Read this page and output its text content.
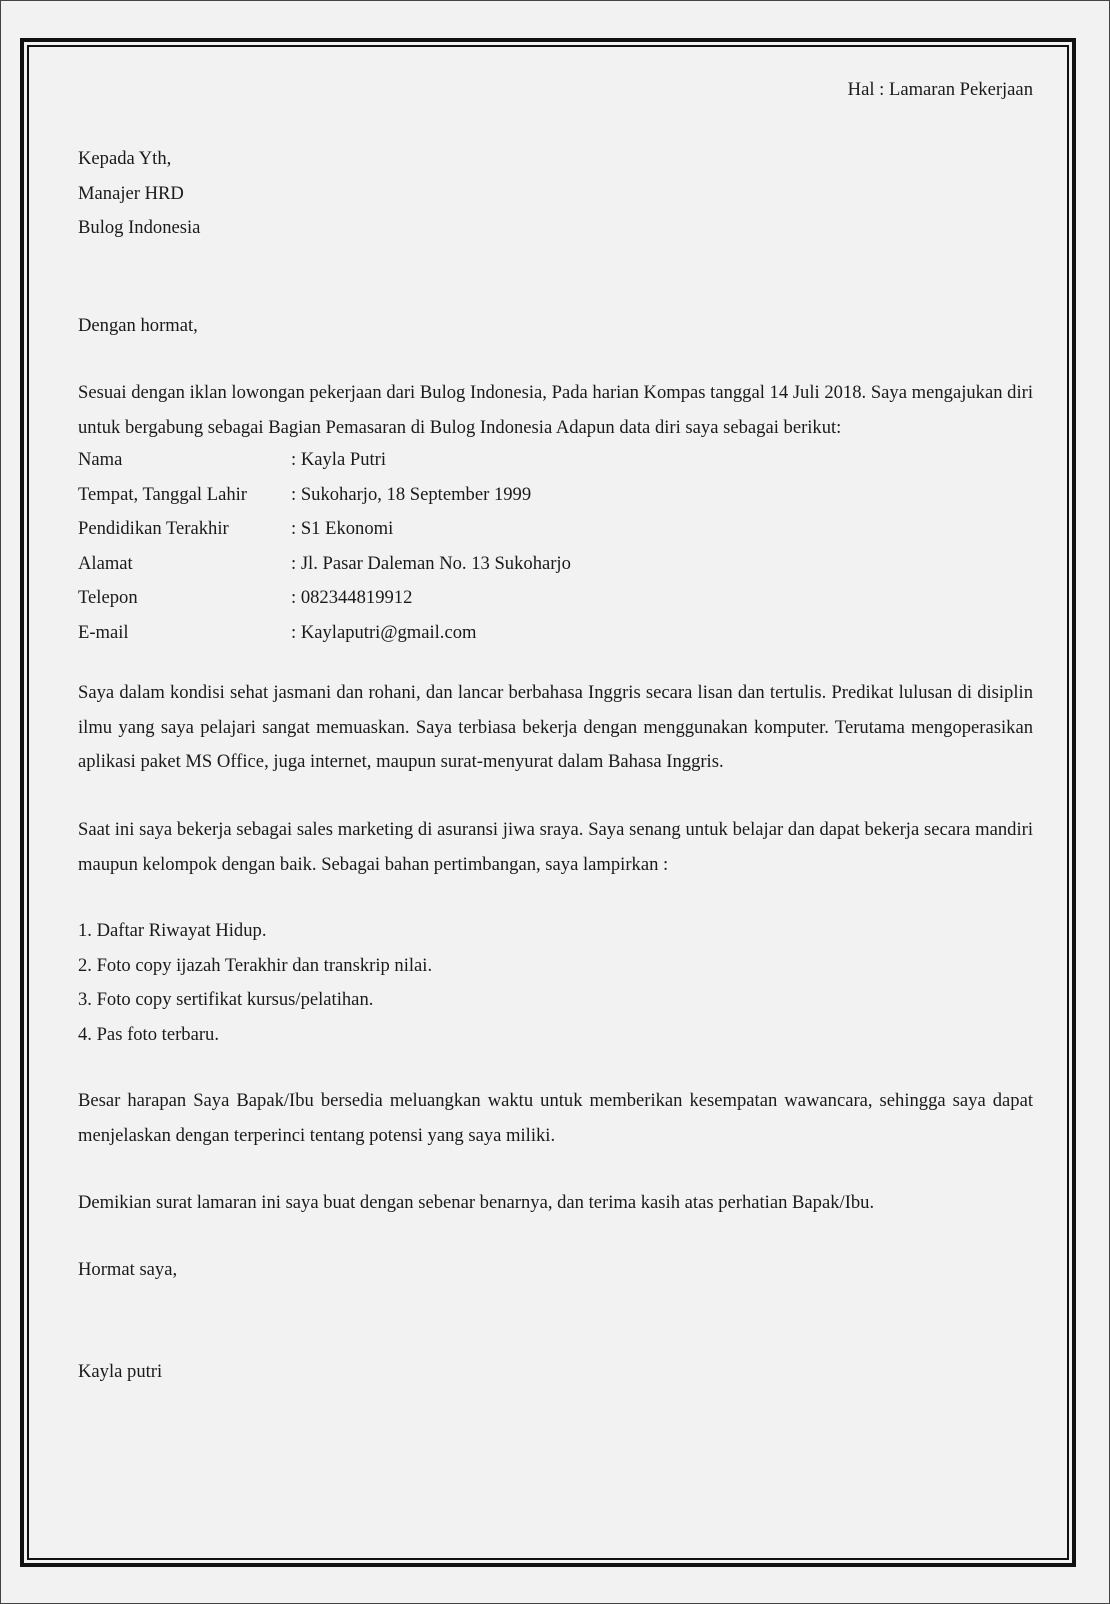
Hal : Lamaran Pekerjaan

Kepada Yth,
Manajer HRD
Bulog Indonesia

Dengan hormat,

Sesuai dengan iklan lowongan pekerjaan dari Bulog Indonesia, Pada harian Kompas tanggal 14 Juli 2018. Saya mengajukan diri untuk bergabung sebagai Bagian Pemasaran di Bulog Indonesia Adapun data diri saya sebagai berikut:

Nama	: Kayla Putri
Tempat, Tanggal Lahir	: Sukoharjo, 18 September 1999
Pendidikan Terakhir	: S1 Ekonomi
Alamat	: Jl. Pasar Daleman No. 13 Sukoharjo
Telepon	: 082344819912
E-mail	: Kaylaputri@gmail.com

Saya dalam kondisi sehat jasmani dan rohani, dan lancar berbahasa Inggris secara lisan dan tertulis. Predikat lulusan di disiplin ilmu yang saya pelajari sangat memuaskan. Saya terbiasa bekerja dengan menggunakan komputer. Terutama mengoperasikan aplikasi paket MS Office, juga internet, maupun surat-menyurat dalam Bahasa Inggris.

Saat ini saya bekerja sebagai sales marketing di asuransi jiwa sraya. Saya senang untuk belajar dan dapat bekerja secara mandiri maupun kelompok dengan baik. Sebagai bahan pertimbangan, saya lampirkan :

1. Daftar Riwayat Hidup.
2. Foto copy ijazah Terakhir dan transkrip nilai.
3. Foto copy sertifikat kursus/pelatihan.
4. Pas foto terbaru.

Besar harapan Saya Bapak/Ibu bersedia meluangkan waktu untuk memberikan kesempatan wawancara, sehingga saya dapat menjelaskan dengan terperinci tentang potensi yang saya miliki.

Demikian surat lamaran ini saya buat dengan sebenar benarnya, dan terima kasih atas perhatian Bapak/Ibu.

Hormat saya,

Kayla putri
